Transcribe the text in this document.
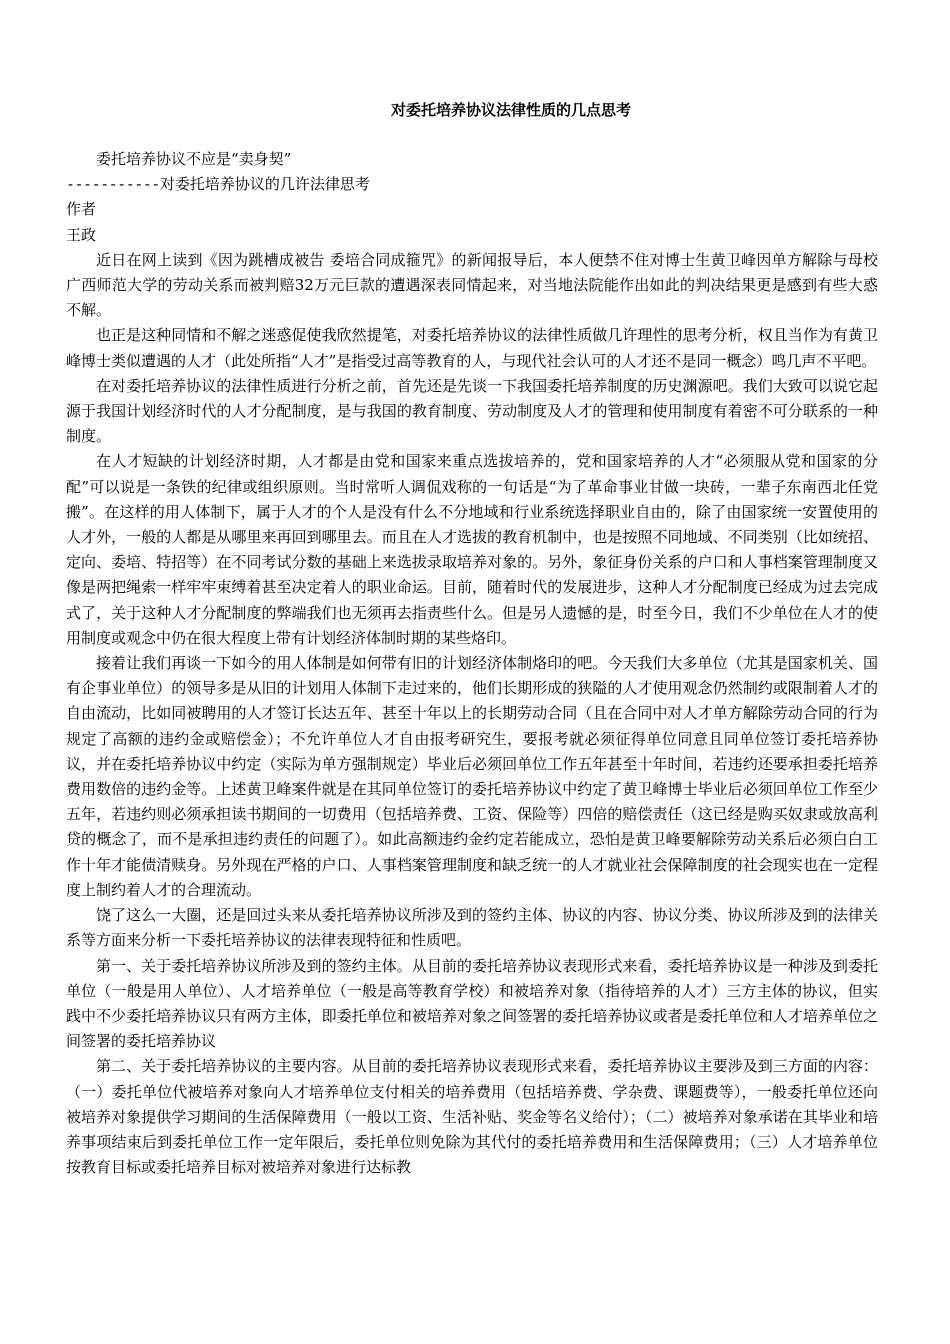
对委托培养协议法律性质的几点思考

委托培养协议不应是“卖身契”

-----------对委托培养协议的几许法律思考

作者

王政

近日在网上读到《因为跳槽成被告 委培合同成箍咒》的新闻报导后，本人便禁不住对博士生黄卫峰因单方解除与母校广西师范大学的劳动关系而被判赔32万元巨款的遭遇深表同情起来，对当地法院能作出如此的判决结果更是感到有些大惑不解。

也正是这种同情和不解之迷惑促使我欣然提笔，对委托培养协议的法律性质做几许理性的思考分析，权且当作为有黄卫峰博士类似遭遇的人才（此处所指“人才”是指受过高等教育的人，与现代社会认可的人才还不是同一概念）鸣几声不平吧。

在对委托培养协议的法律性质进行分析之前，首先还是先谈一下我国委托培养制度的历史渊源吧。我们大致可以说它起源于我国计划经济时代的人才分配制度，是与我国的教育制度、劳动制度及人才的管理和使用制度有着密不可分联系的一种制度。

在人才短缺的计划经济时期，人才都是由党和国家来重点选拔培养的，党和国家培养的人才“必须服从党和国家的分配”可以说是一条铁的纪律或组织原则。当时常听人调侃戏称的一句话是“为了革命事业甘做一块砖，一辈子东南西北任党搬”。在这样的用人体制下，属于人才的个人是没有什么不分地域和行业系统选择职业自由的，除了由国家统一安置使用的人才外，一般的人都是从哪里来再回到哪里去。而且在人才选拔的教育机制中，也是按照不同地域、不同类别（比如统招、定向、委培、特招等）在不同考试分数的基础上来选拔录取培养对象的。另外，象征身份关系的户口和人事档案管理制度又像是两把绳索一样牢牢束缚着甚至决定着人的职业命运。目前，随着时代的发展进步，这种人才分配制度已经成为过去完成式了，关于这种人才分配制度的弊端我们也无须再去指责些什么。但是另人遗憾的是，时至今日，我们不少单位在人才的使用制度或观念中仍在很大程度上带有计划经济体制时期的某些烙印。

接着让我们再谈一下如今的用人体制是如何带有旧的计划经济体制烙印的吧。今天我们大多单位（尤其是国家机关、国有企事业单位）的领导多是从旧的计划用人体制下走过来的，他们长期形成的狭隘的人才使用观念仍然制约或限制着人才的自由流动，比如同被聘用的人才签订长达五年、甚至十年以上的长期劳动合同（且在合同中对人才单方解除劳动合同的行为规定了高额的违约金或赔偿金）；不允许单位人才自由报考研究生，要报考就必须征得单位同意且同单位签订委托培养协议，并在委托培养协议中约定（实际为单方强制规定）毕业后必须回单位工作五年甚至十年时间，若违约还要承担委托培养费用数倍的违约金等。上述黄卫峰案件就是在其同单位签订的委托培养协议中约定了黄卫峰博士毕业后必须回单位工作至少五年，若违约则必须承担读书期间的一切费用（包括培养费、工资、保险等）四倍的赔偿责任（这已经是购买奴隶或放高利贷的概念了，而不是承担违约责任的问题了）。如此高额违约金约定若能成立，恐怕是黄卫峰要解除劳动关系后必须白白工作十年才能债清赎身。另外现在严格的户口、人事档案管理制度和缺乏统一的人才就业社会保障制度的社会现实也在一定程度上制约着人才的合理流动。

饶了这么一大圈，还是回过头来从委托培养协议所涉及到的签约主体、协议的内容、协议分类、协议所涉及到的法律关系等方面来分析一下委托培养协议的法律表现特征和性质吧。

第一、关于委托培养协议所涉及到的签约主体。从目前的委托培养协议表现形式来看，委托培养协议是一种涉及到委托单位（一般是用人单位）、人才培养单位（一般是高等教育学校）和被培养对象（指待培养的人才）三方主体的协议，但实践中不少委托培养协议只有两方主体，即委托单位和被培养对象之间签署的委托培养协议或者是委托单位和人才培养单位之间签署的委托培养协议

第二、关于委托培养协议的主要内容。从目前的委托培养协议表现形式来看，委托培养协议主要涉及到三方面的内容：（一）委托单位代被培养对象向人才培养单位支付相关的培养费用（包括培养费、学杂费、课题费等），一般委托单位还向被培养对象提供学习期间的生活保障费用（一般以工资、生活补贴、奖金等名义给付）；（二）被培养对象承诺在其毕业和培养事项结束后到委托单位工作一定年限后，委托单位则免除为其代付的委托培养费用和生活保障费用；（三）人才培养单位按教育目标或委托培养目标对被培养对象进行达标教
